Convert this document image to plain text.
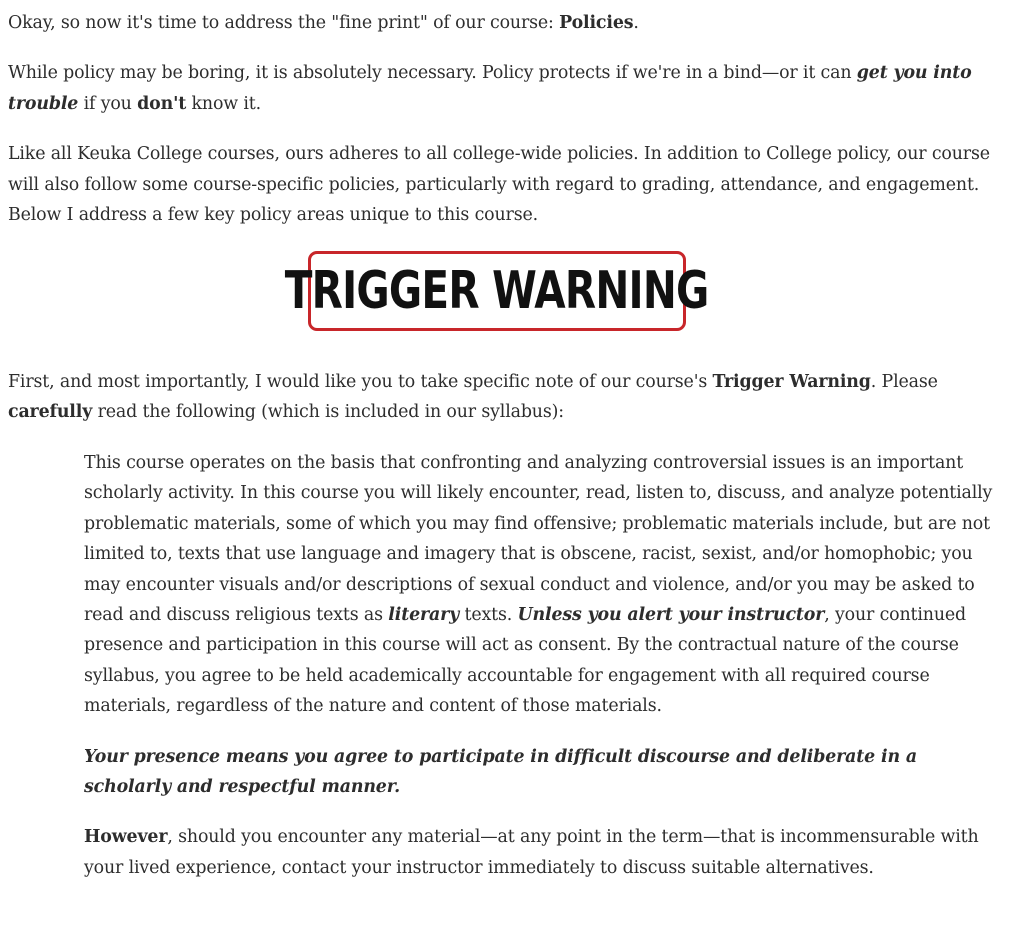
Okay, so now it's time to address the "fine print" of our course: Policies.

While policy may be boring, it is absolutely necessary. Policy protects if we're in a bind—or it can get you into trouble if you don't know it.

Like all Keuka College courses, ours adheres to all college-wide policies. In addition to College policy, our course will also follow some course-specific policies, particularly with regard to grading, attendance, and engagement. Below I address a few key policy areas unique to this course.

TRIGGER WARNING

First, and most importantly, I would like you to take specific note of our course's Trigger Warning. Please carefully read the following (which is included in our syllabus):

This course operates on the basis that confronting and analyzing controversial issues is an important scholarly activity. In this course you will likely encounter, read, listen to, discuss, and analyze potentially problematic materials, some of which you may find offensive; problematic materials include, but are not limited to, texts that use language and imagery that is obscene, racist, sexist, and/or homophobic; you may encounter visuals and/or descriptions of sexual conduct and violence, and/or you may be asked to read and discuss religious texts as literary texts. Unless you alert your instructor, your continued presence and participation in this course will act as consent. By the contractual nature of the course syllabus, you agree to be held academically accountable for engagement with all required course materials, regardless of the nature and content of those materials.

Your presence means you agree to participate in difficult discourse and deliberate in a scholarly and respectful manner.

However, should you encounter any material—at any point in the term—that is incommensurable with your lived experience, contact your instructor immediately to discuss suitable alternatives.
